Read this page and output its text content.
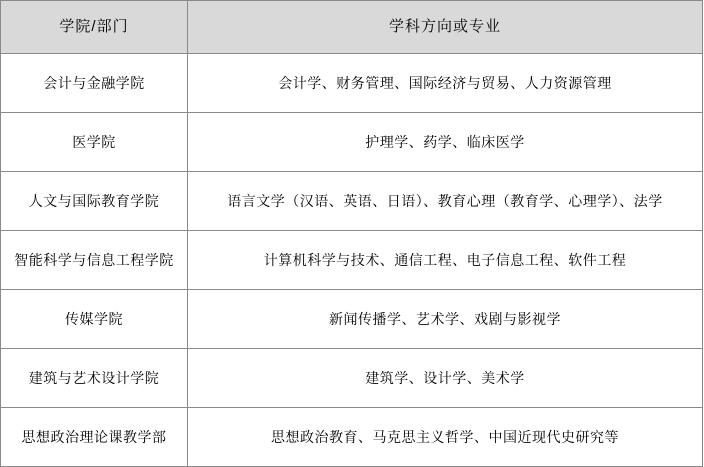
学院/部门	学科方向或专业
会计与金融学院	会计学、财务管理、国际经济与贸易、人力资源管理
医学院	护理学、药学、临床医学
人文与国际教育学院	语言文学（汉语、英语、日语）、教育心理（教育学、心理学）、法学
智能科学与信息工程学院	计算机科学与技术、通信工程、电子信息工程、软件工程
传媒学院	新闻传播学、艺术学、戏剧与影视学
建筑与艺术设计学院	建筑学、设计学、美术学
思想政治理论课教学部	思想政治教育、马克思主义哲学、中国近现代史研究等
